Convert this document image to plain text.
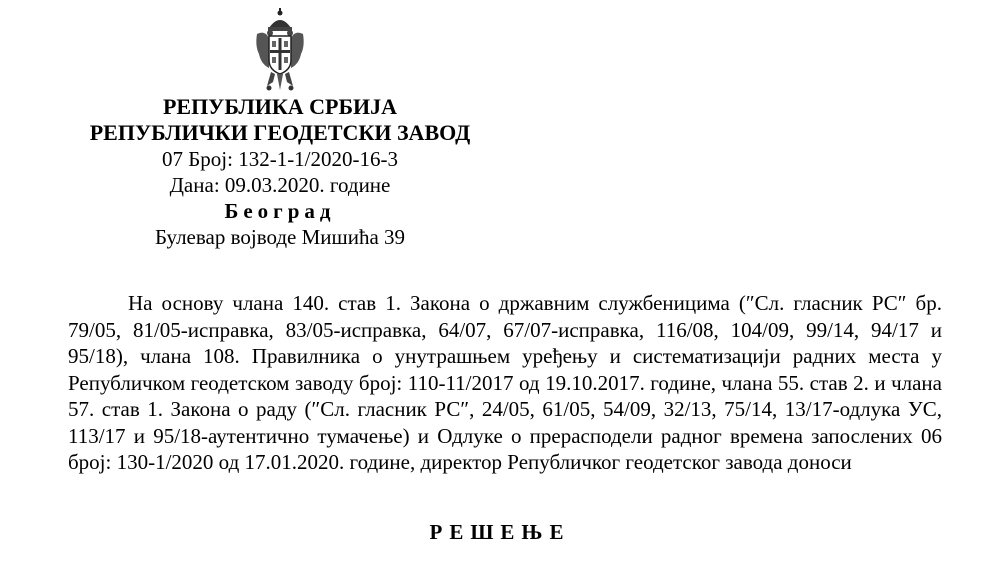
РЕПУБЛИКА СРБИЈА
РЕПУБЛИЧКИ ГЕОДЕТСКИ ЗАВОД
07 Број: 132-1-1/2020-16-3
Дана: 09.03.2020. године
Београд
Булевар војводе Мишића 39
На основу члана 140. став 1. Закона о државним службеницима (″Сл. гласник РС″ бр. 79/05, 81/05-исправка, 83/05-исправка, 64/07, 67/07-исправка, 116/08, 104/09, 99/14, 94/17 и 95/18), члана 108. Правилника о унутрашњем уређењу и систематизацији радних места у Републичком геодетском заводу број: 110-11/2017 од 19.10.2017. године, члана 55. став 2. и члана 57. став 1. Закона о раду (″Сл. гласник РС″, 24/05, 61/05, 54/09, 32/13, 75/14, 13/17-одлука УС, 113/17 и 95/18-аутентично тумачење) и Одлуке о прерасподели радног времена запослених 06 број: 130-1/2020 од 17.01.2020. године, директор Републичког геодетског завода доноси
РЕШЕЊЕ
